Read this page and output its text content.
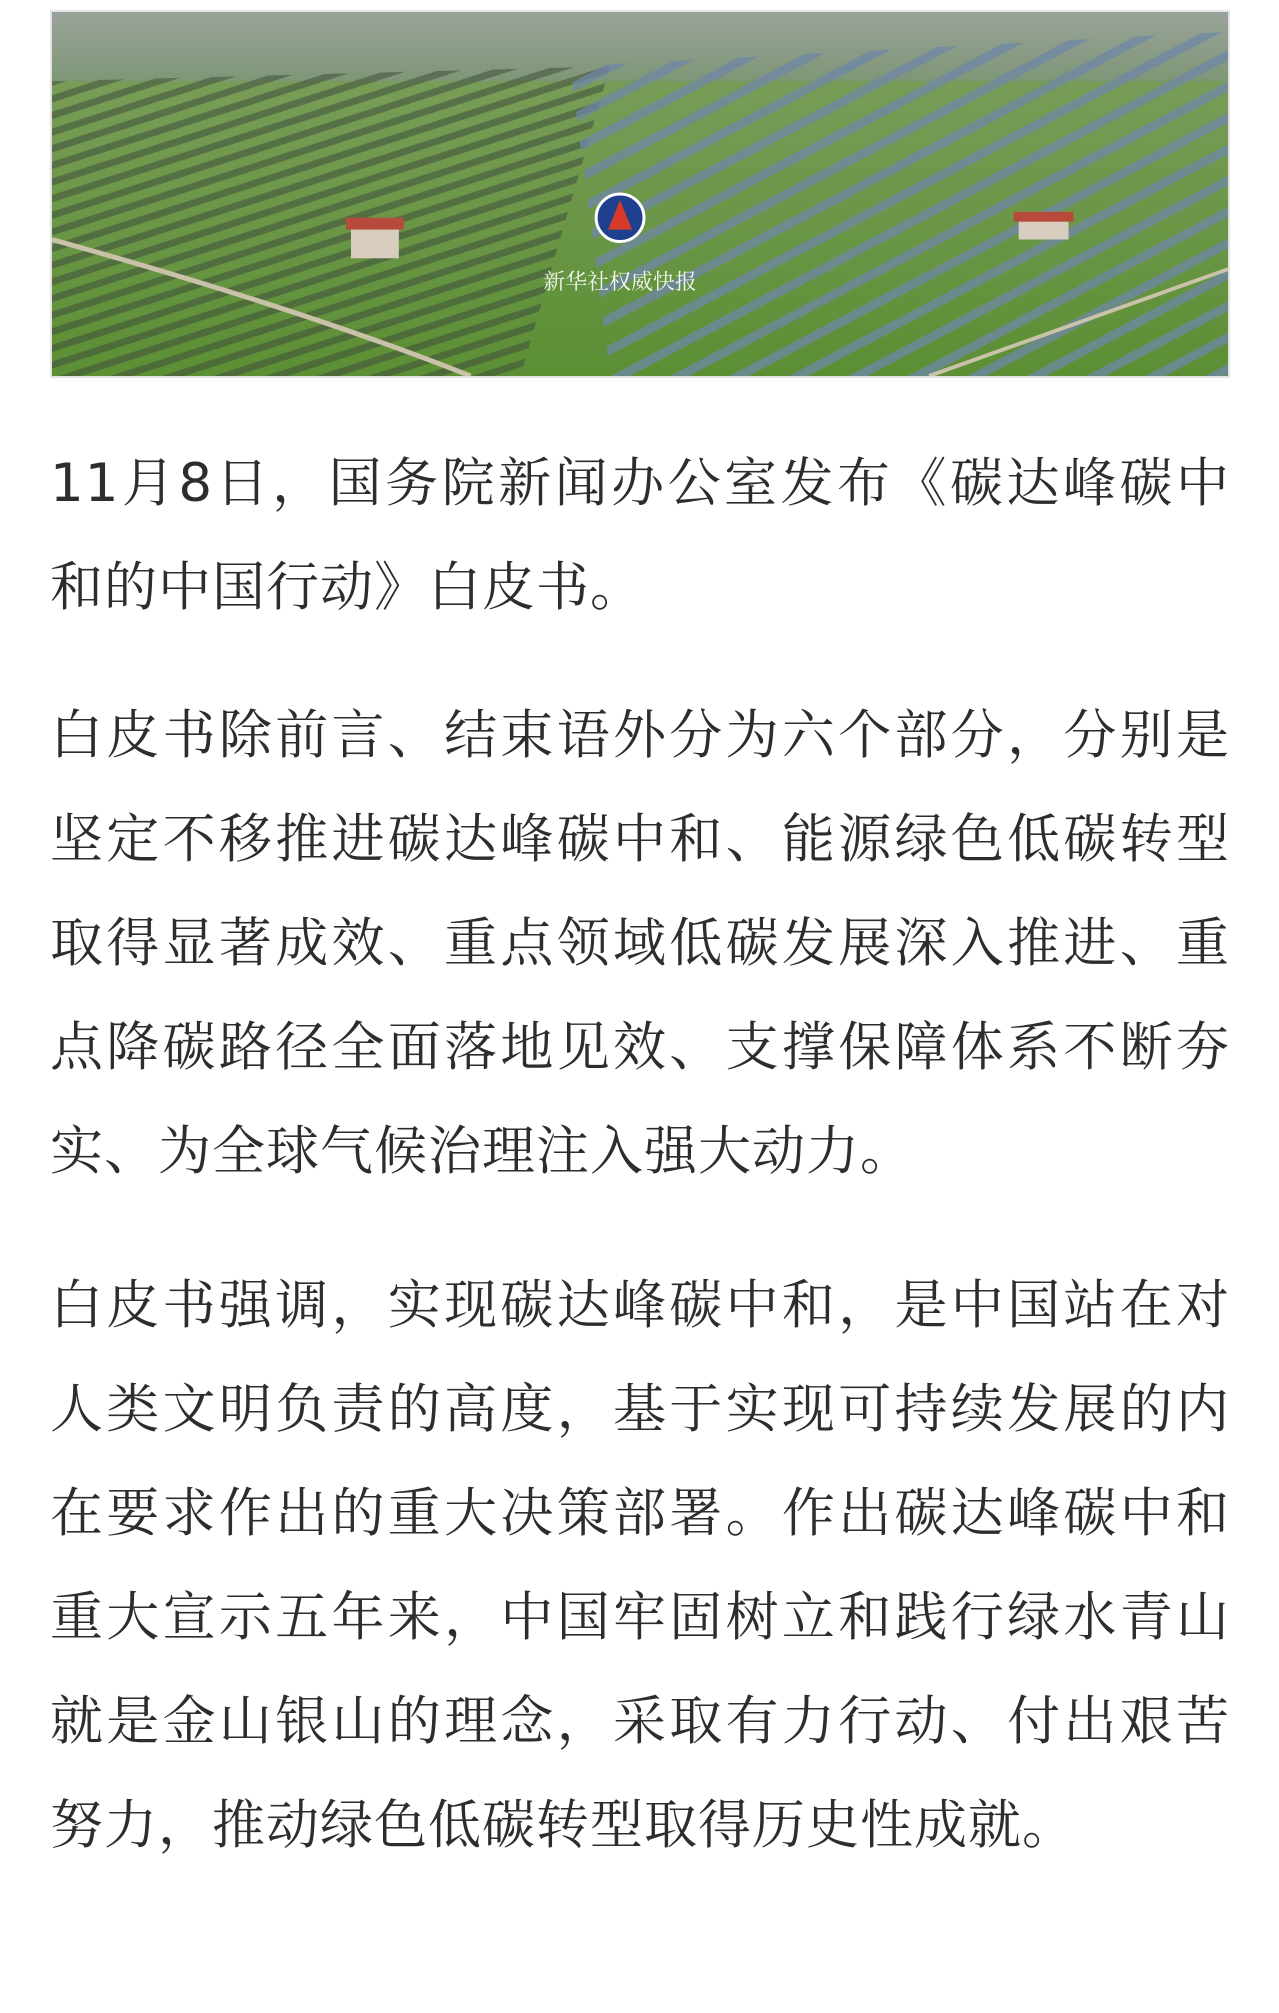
新华社权威快报

11月8日，国务院新闻办公室发布《碳达峰碳中和的中国行动》白皮书。

白皮书除前言、结束语外分为六个部分，分别是坚定不移推进碳达峰碳中和、能源绿色低碳转型取得显著成效、重点领域低碳发展深入推进、重点降碳路径全面落地见效、支撑保障体系不断夯实、为全球气候治理注入强大动力。

白皮书强调，实现碳达峰碳中和，是中国站在对人类文明负责的高度，基于实现可持续发展的内在要求作出的重大决策部署。作出碳达峰碳中和重大宣示五年来，中国牢固树立和践行绿水青山就是金山银山的理念，采取有力行动、付出艰苦努力，推动绿色低碳转型取得历史性成就。
